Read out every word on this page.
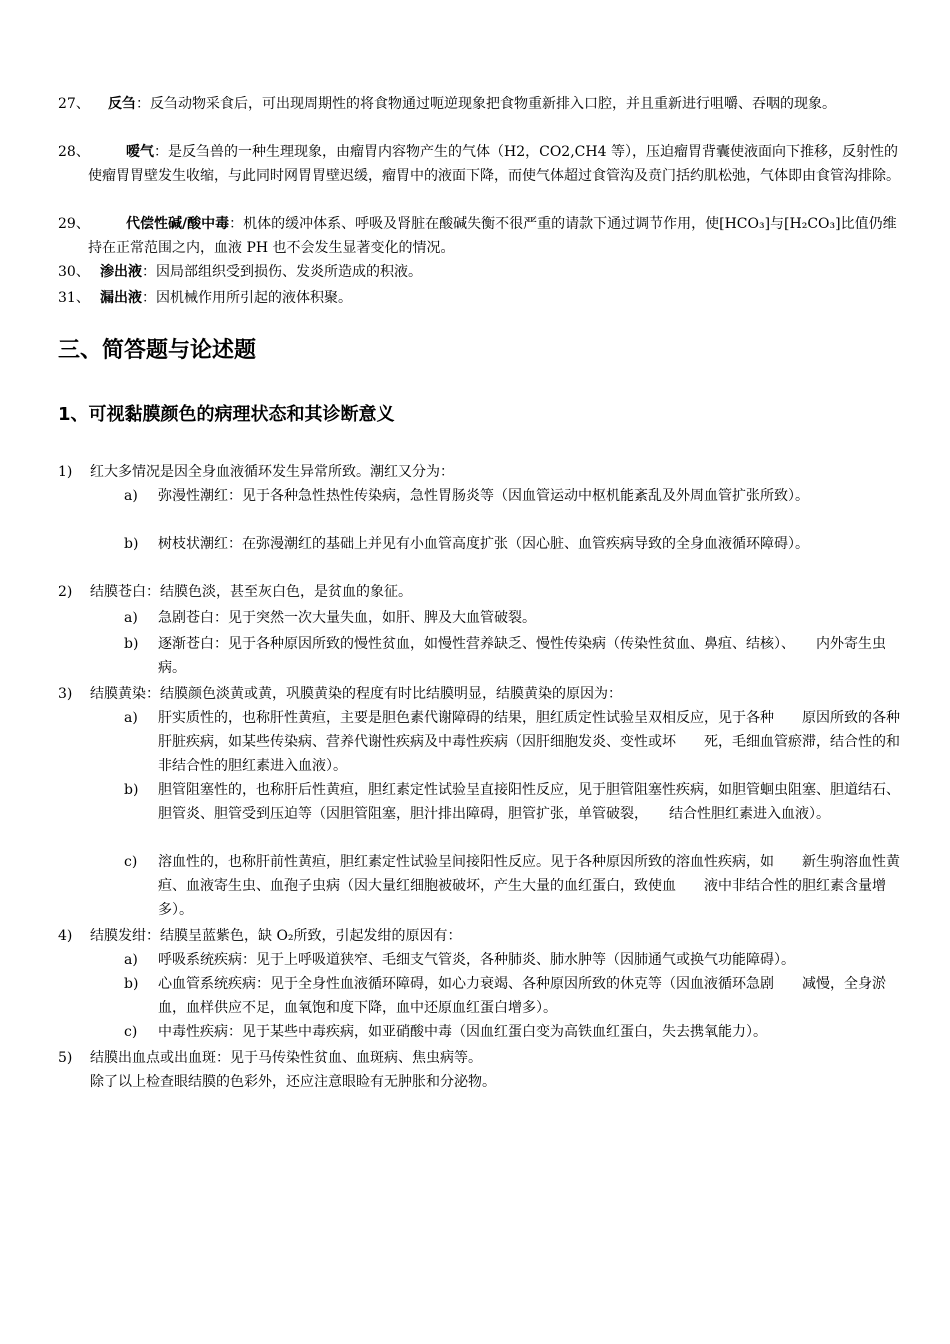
27、	反刍：反刍动物采食后，可出现周期性的将食物通过呃逆现象把食物重新排入口腔，并且重新进行咀嚼、吞咽的现象。
28、	嗳气：是反刍兽的一种生理现象，由瘤胃内容物产生的气体（H2，CO2,CH4 等），压迫瘤胃背囊使液面向下推移，反射性的使瘤胃胃壁发生收缩，与此同时网胃胃壁迟缓，瘤胃中的液面下降，而使气体超过食管沟及贲门括约肌松弛，气体即由食管沟排除。
29、	代偿性碱/酸中毒：机体的缓冲体系、呼吸及肾脏在酸碱失衡不很严重的请款下通过调节作用，使[HCO₃]与[H₂CO₃]比值仍维持在正常范围之内，血液 PH 也不会发生显著变化的情况。
30、 渗出液：因局部组织受到损伤、发炎所造成的积液。
31、 漏出液：因机械作用所引起的液体积聚。
三、简答题与论述题
1、可视黏膜颜色的病理状态和其诊断意义
1)	红大多情况是因全身血液循环发生异常所致。潮红又分为：
a)	弥漫性潮红：见于各种急性热性传染病，急性胃肠炎等（因血管运动中枢机能紊乱及外周血管扩张所致）。
b)	树枝状潮红：在弥漫潮红的基础上并见有小血管高度扩张（因心脏、血管疾病导致的全身血液循环障碍）。
2)	结膜苍白：结膜色淡，甚至灰白色，是贫血的象征。
a)	急剧苍白：见于突然一次大量失血，如肝、脾及大血管破裂。
b)	逐渐苍白：见于各种原因所致的慢性贫血，如慢性营养缺乏、慢性传染病（传染性贫血、鼻疽、结核）、　　内外寄生虫病。
3)	结膜黄染：结膜颜色淡黄或黄，巩膜黄染的程度有时比结膜明显，结膜黄染的原因为：
a)	肝实质性的，也称肝性黄疸，主要是胆色素代谢障碍的结果，胆红质定性试验呈双相反应，见于各种　　原因所致的各种肝脏疾病，如某些传染病、营养代谢性疾病及中毒性疾病（因肝细胞发炎、变性或坏　　死，毛细血管瘀滞，结合性的和非结合性的胆红素进入血液）。
b)	胆管阻塞性的，也称肝后性黄疸，胆红素定性试验呈直接阳性反应，见于胆管阻塞性疾病，如胆管蛔虫阻塞、胆道结石、胆管炎、胆管受到压迫等（因胆管阻塞，胆汁排出障碍，胆管扩张，单管破裂，　　结合性胆红素进入血液）。
c)	溶血性的，也称肝前性黄疸，胆红素定性试验呈间接阳性反应。见于各种原因所致的溶血性疾病，如　　新生驹溶血性黄疸、血液寄生虫、血孢子虫病（因大量红细胞被破坏，产生大量的血红蛋白，致使血　　液中非结合性的胆红素含量增多）。
4)	结膜发绀：结膜呈蓝紫色，缺 O₂所致，引起发绀的原因有：
a)	呼吸系统疾病：见于上呼吸道狭窄、毛细支气管炎，各种肺炎、肺水肿等（因肺通气或换气功能障碍）。
b)	心血管系统疾病：见于全身性血液循环障碍，如心力衰竭、各种原因所致的休克等（因血液循环急剧　　减慢，全身淤血，血样供应不足，血氧饱和度下降，血中还原血红蛋白增多）。
c)	中毒性疾病：见于某些中毒疾病，如亚硝酸中毒（因血红蛋白变为高铁血红蛋白，失去携氧能力）。
5)	结膜出血点或出血斑：见于马传染性贫血、血斑病、焦虫病等。
除了以上检查眼结膜的色彩外，还应注意眼睑有无肿胀和分泌物。
